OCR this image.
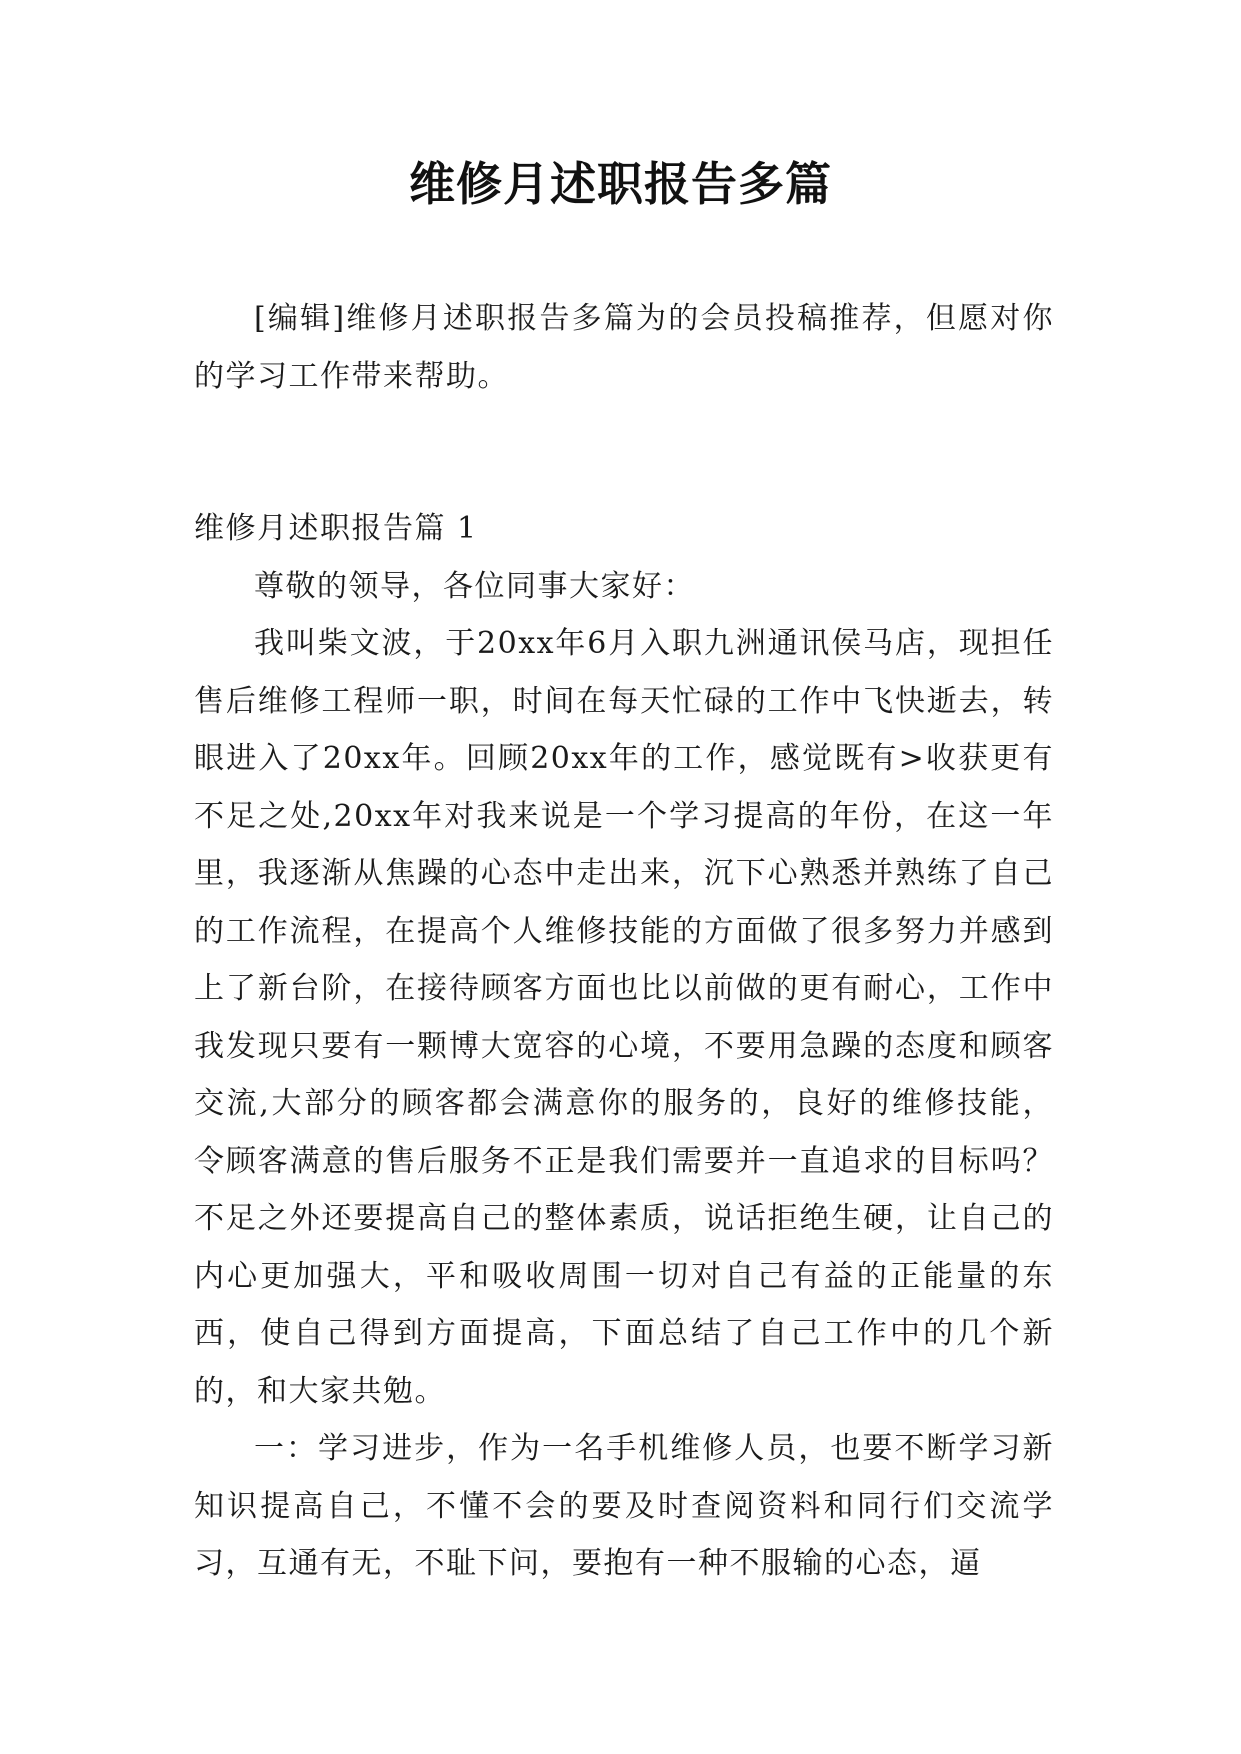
维修月述职报告多篇

[编辑]维修月述职报告多篇为的会员投稿推荐，但愿对你的学习工作带来帮助。

维修月述职报告篇 1

尊敬的领导，各位同事大家好：

我叫柴文波，于20xx年6月入职九洲通讯侯马店，现担任售后维修工程师一职，时间在每天忙碌的工作中飞快逝去，转眼进入了20xx年。回顾20xx年的工作，感觉既有>收获更有不足之处,20xx年对我来说是一个学习提高的年份，在这一年里，我逐渐从焦躁的心态中走出来，沉下心熟悉并熟练了自己的工作流程，在提高个人维修技能的方面做了很多努力并感到上了新台阶，在接待顾客方面也比以前做的更有耐心，工作中我发现只要有一颗博大宽容的心境，不要用急躁的态度和顾客交流,大部分的顾客都会满意你的服务的，良好的维修技能，令顾客满意的售后服务不正是我们需要并一直追求的目标吗？不足之外还要提高自己的整体素质，说话拒绝生硬，让自己的内心更加强大，平和吸收周围一切对自己有益的正能量的东西，使自己得到方面提高，下面总结了自己工作中的几个新的，和大家共勉。

一：学习进步，作为一名手机维修人员，也要不断学习新知识提高自己，不懂不会的要及时查阅资料和同行们交流学习，互通有无，不耻下问，要抱有一种不服输的心态，逼
